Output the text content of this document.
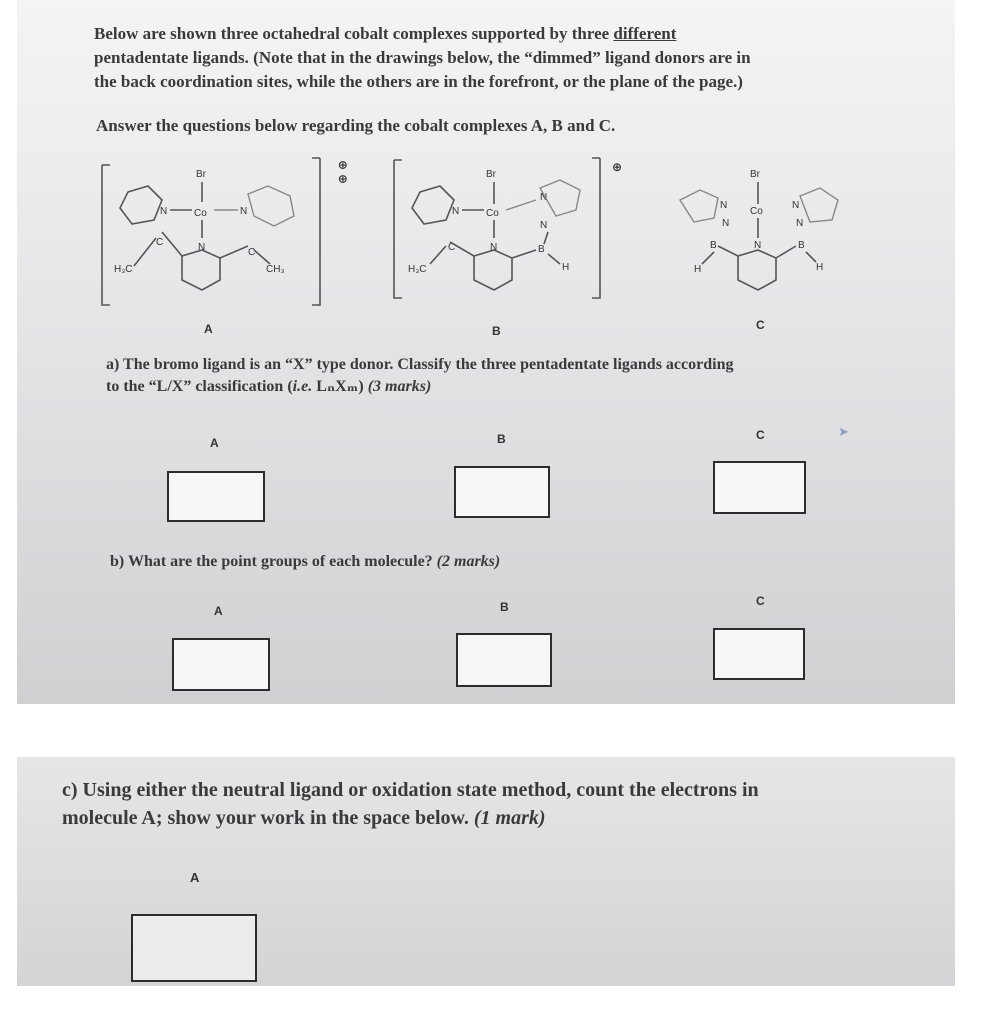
Below are shown three octahedral cobalt complexes supported by three different
pentadentate ligands. (Note that in the drawings below, the “dimmed” ligand donors are in
the back coordination sites, while the others are in the forefront, or the plane of the page.)
Answer the questions below regarding the cobalt complexes A, B and C.
Br
Co
N	N
N
C
C
H₃C	CH₃
⊕⊕
A
Br
Co
N
N
N
N
C	B
H
H₃C
⊕
B
Br
Co
N	N
N	N
N
B	B
H	H
C
a) The bromo ligand is an “X” type donor. Classify the three pentadentate ligands according
to the “L/X” classification (i.e. LₙXₘ) (3 marks)
A	B	C	➤
b) What are the point groups of each molecule? (2 marks)
A	B	C
c) Using either the neutral ligand or oxidation state method, count the electrons in
molecule A; show your work in the space below. (1 mark)
A
